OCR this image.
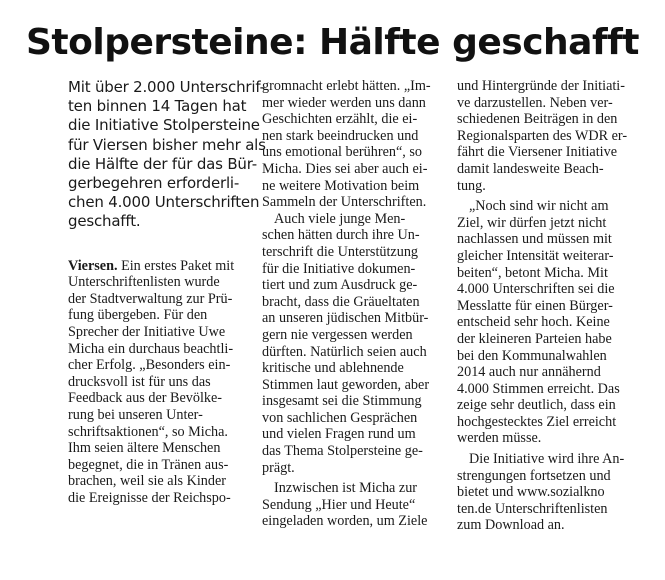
Stolpersteine: Hälfte geschafft
Mit über 2.000 Unterschrif-
ten binnen 14 Tagen hat
die Initiative Stolpersteine
für Viersen bisher mehr als
die Hälfte der für das Bür-
gerbegehren erforderli-
chen 4.000 Unterschriften
geschafft.
Viersen. Ein erstes Paket mit
Unterschriftenlisten wurde
der Stadtverwaltung zur Prü-
fung übergeben. Für den
Sprecher der Initiative Uwe
Micha ein durchaus beachtli-
cher Erfolg. „Besonders ein-
drucksvoll ist für uns das
Feedback aus der Bevölke-
rung bei unseren Unter-
schriftsaktionen“, so Micha.
Ihm seien ältere Menschen
begegnet, die in Tränen aus-
brachen, weil sie als Kinder
die Ereignisse der Reichspo-
gromnacht erlebt hätten. „Im-
mer wieder werden uns dann
Geschichten erzählt, die ei-
nen stark beeindrucken und
uns emotional berühren“, so
Micha. Dies sei aber auch ei-
ne weitere Motivation beim
Sammeln der Unterschriften.
Auch viele junge Men-
schen hätten durch ihre Un-
terschrift die Unterstützung
für die Initiative dokumen-
tiert und zum Ausdruck ge-
bracht, dass die Gräueltaten
an unseren jüdischen Mitbür-
gern nie vergessen werden
dürften. Natürlich seien auch
kritische und ablehnende
Stimmen laut geworden, aber
insgesamt sei die Stimmung
von sachlichen Gesprächen
und vielen Fragen rund um
das Thema Stolpersteine ge-
prägt.
Inzwischen ist Micha zur
Sendung „Hier und Heute“
eingeladen worden, um Ziele
und Hintergründe der Initiati-
ve darzustellen. Neben ver-
schiedenen Beiträgen in den
Regionalsparten des WDR er-
fährt die Viersener Initiative
damit landesweite Beach-
tung.
„Noch sind wir nicht am
Ziel, wir dürfen jetzt nicht
nachlassen und müssen mit
gleicher Intensität weiterar-
beiten“, betont Micha. Mit
4.000 Unterschriften sei die
Messlatte für einen Bürger-
entscheid sehr hoch. Keine
der kleineren Parteien habe
bei den Kommunalwahlen
2014 auch nur annähernd
4.000 Stimmen erreicht. Das
zeige sehr deutlich, dass ein
hochgestecktes Ziel erreicht
werden müsse.
Die Initiative wird ihre An-
strengungen fortsetzen und
bietet und www.sozialkno
ten.de Unterschriftenlisten
zum Download an.
